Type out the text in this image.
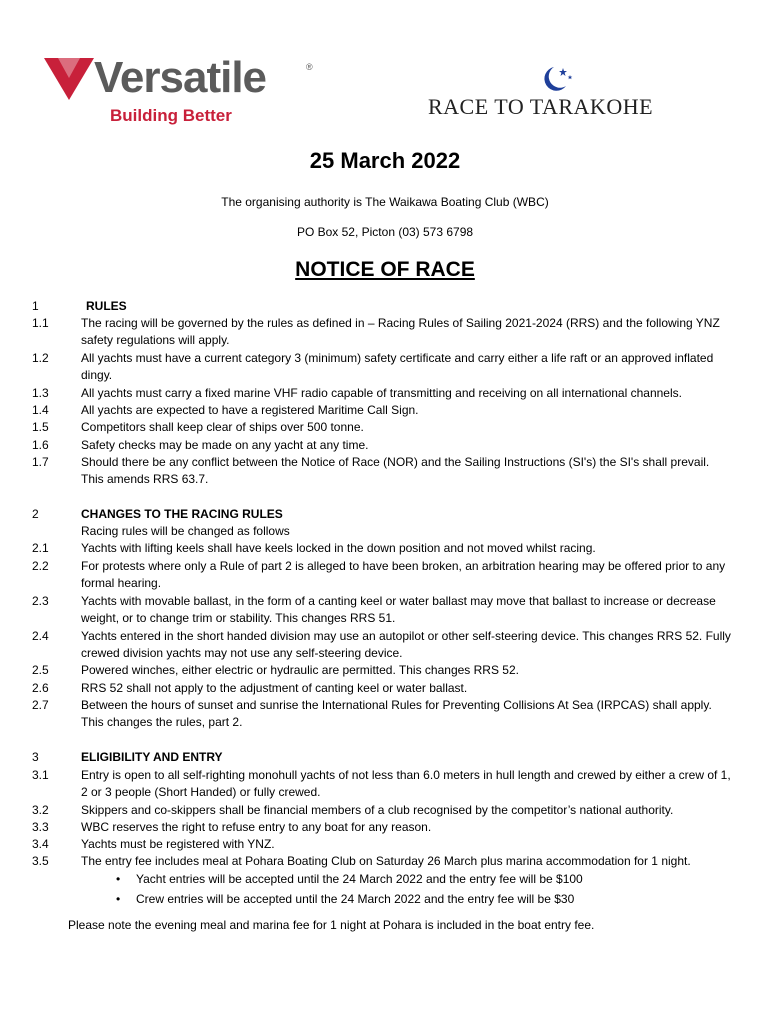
Versatile	®
Building Better	RACE TO TARAKOHE
25 March 2022
The organising authority is The Waikawa Boating Club (WBC)
PO Box 52, Picton (03) 573 6798
NOTICE OF RACE
1	RULES
1.1	The racing will be governed by the rules as defined in – Racing Rules of Sailing 2021-2024 (RRS) and the following YNZ safety regulations will apply.
1.2	All yachts must have a current category 3 (minimum) safety certificate and carry either a life raft or an approved inflated dingy.
1.3	All yachts must carry a fixed marine VHF radio capable of transmitting and receiving on all international channels.
1.4	All yachts are expected to have a registered Maritime Call Sign.
1.5	Competitors shall keep clear of ships over 500 tonne.
1.6	Safety checks may be made on any yacht at any time.
1.7	Should there be any conflict between the Notice of Race (NOR) and the Sailing Instructions (SI's) the SI's shall prevail. This amends RRS 63.7.
2	CHANGES TO THE RACING RULES
Racing rules will be changed as follows
2.1	Yachts with lifting keels shall have keels locked in the down position and not moved whilst racing.
2.2	For protests where only a Rule of part 2 is alleged to have been broken, an arbitration hearing may be offered prior to any formal hearing.
2.3	Yachts with movable ballast, in the form of a canting keel or water ballast may move that ballast to increase or decrease weight, or to change trim or stability. This changes RRS 51.
2.4	Yachts entered in the short handed division may use an autopilot or other self-steering device. This changes RRS 52. Fully crewed division yachts may not use any self-steering device.
2.5	Powered winches, either electric or hydraulic are permitted. This changes RRS 52.
2.6	RRS 52 shall not apply to the adjustment of canting keel or water ballast.
2.7	Between the hours of sunset and sunrise the International Rules for Preventing Collisions At Sea (IRPCAS) shall apply. This changes the rules, part 2.
3	ELIGIBILITY AND ENTRY
3.1	Entry is open to all self-righting monohull yachts of not less than 6.0 meters in hull length and crewed by either a crew of 1, 2 or 3 people (Short Handed) or fully crewed.
3.2	Skippers and co-skippers shall be financial members of a club recognised by the competitor’s national authority.
3.3	WBC reserves the right to refuse entry to any boat for any reason.
3.4	Yachts must be registered with YNZ.
3.5	The entry fee includes meal at Pohara Boating Club on Saturday 26 March plus marina accommodation for 1 night.
• Yacht entries will be accepted until the 24 March 2022 and the entry fee will be $100
• Crew entries will be accepted until the 24 March 2022 and the entry fee will be $30
Please note the evening meal and marina fee for 1 night at Pohara is included in the boat entry fee.
